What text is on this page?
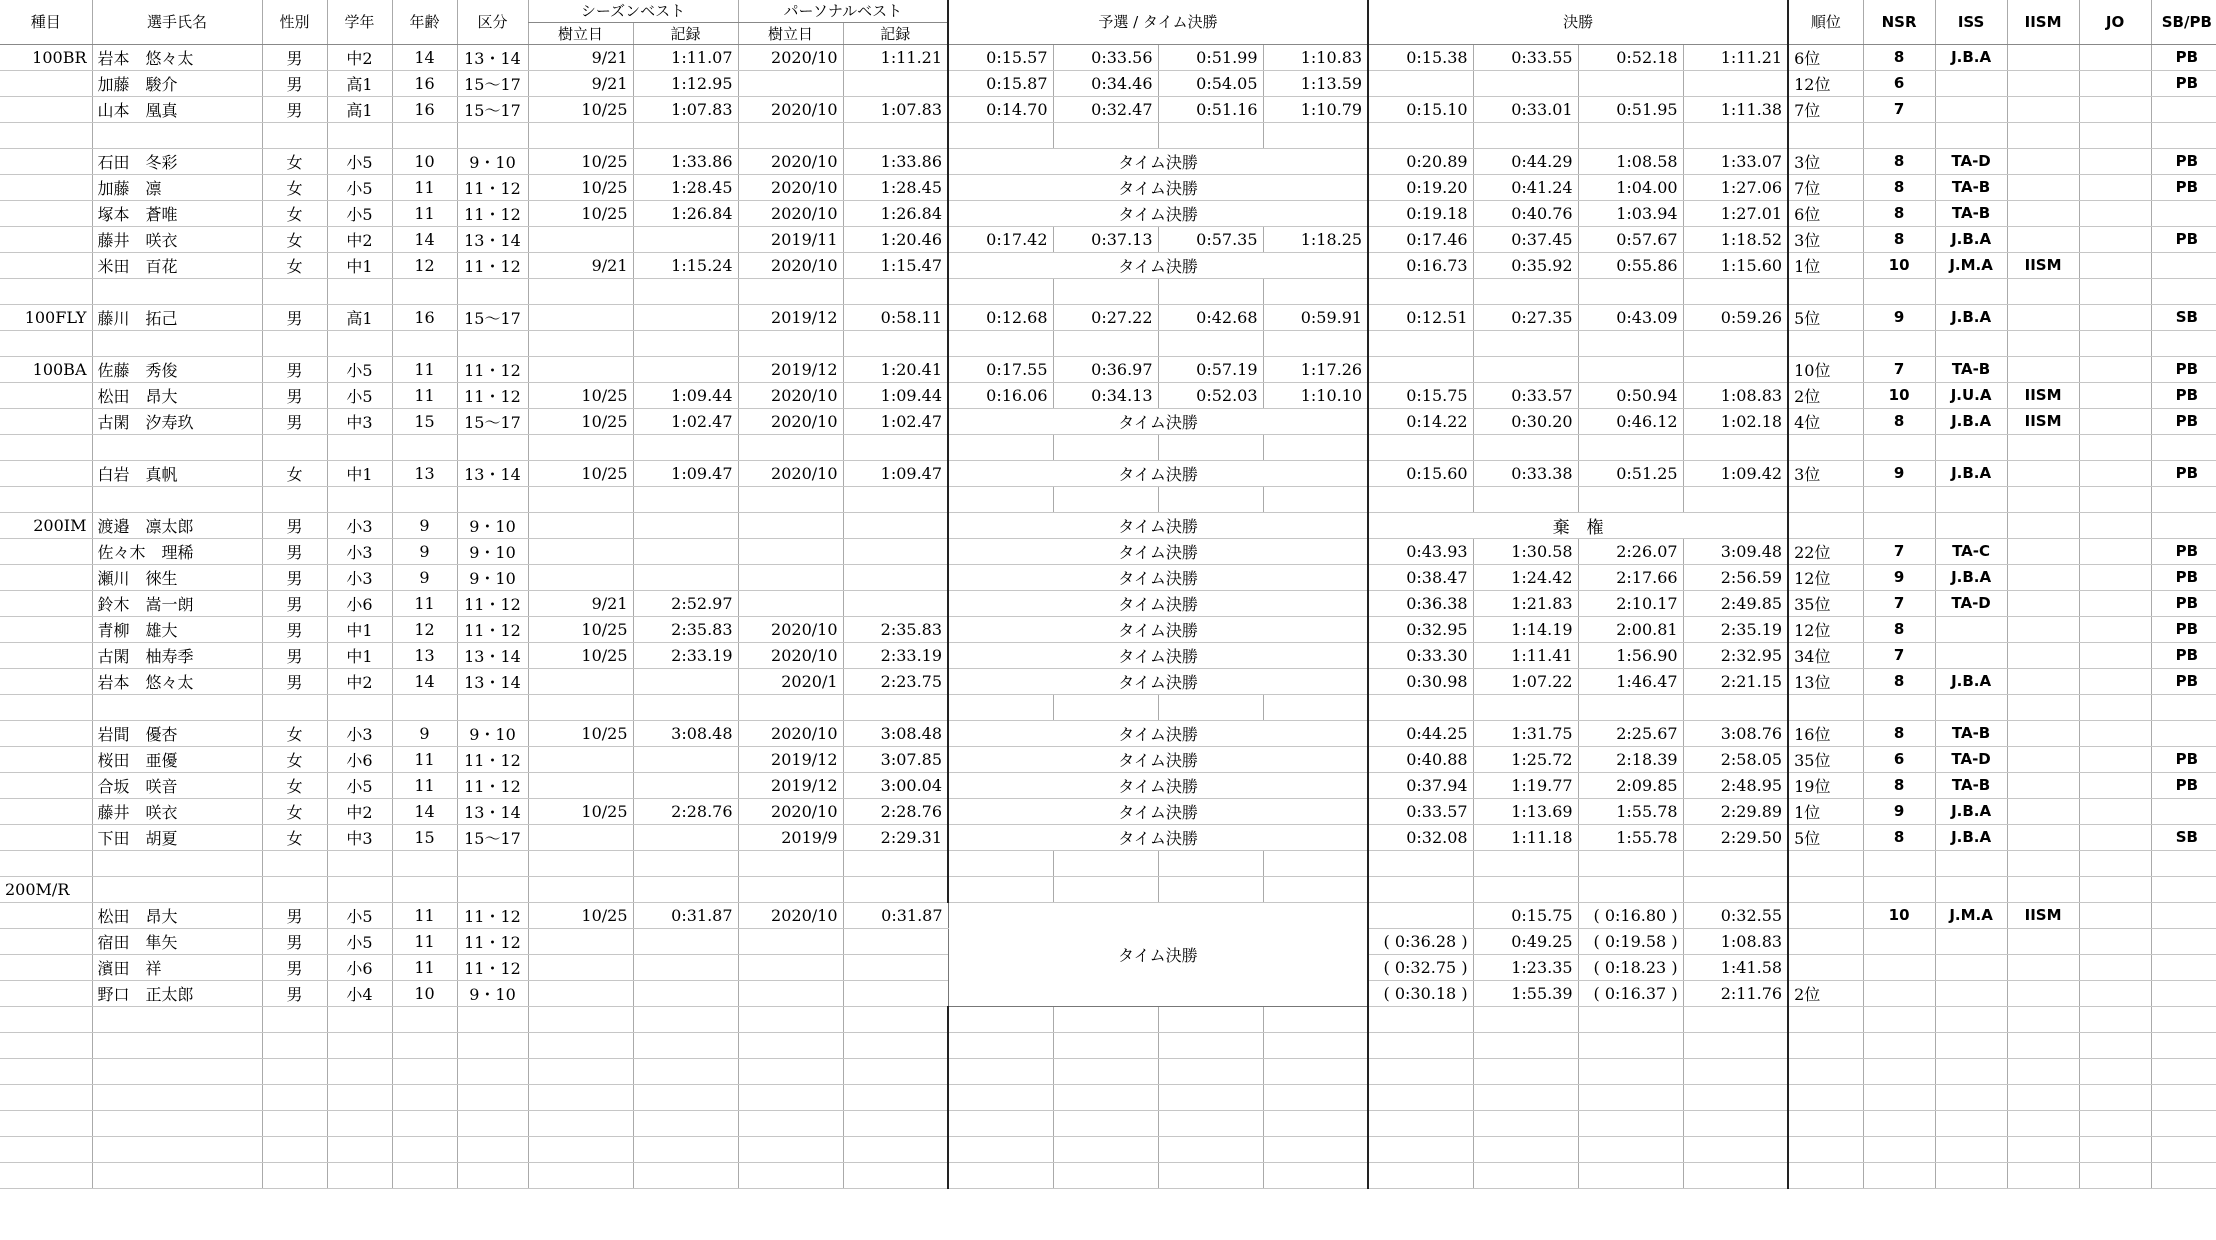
種目	選手氏名	性別	学年	年齢	区分	シーズンベスト		パーソナルベスト		予選 / タイム決勝				決勝				順位	NSR	ISS	IISM	JO	SB/PB
						樹立日	記録	樹立日	記録														
100BR	岩本　悠々太	男	中2	14	13・14	9/21	1:11.07	2020/10	1:11.21	0:15.57	0:33.56	0:51.99	1:10.83	0:15.38	0:33.55	0:52.18	1:11.21	6位	8	J.B.A			PB
	加藤　駿介	男	高1	16	15～17	9/21	1:12.95			0:15.87	0:34.46	0:54.05	1:13.59					12位	6				PB
	山本　凰真	男	高1	16	15～17	10/25	1:07.83	2020/10	1:07.83	0:14.70	0:32.47	0:51.16	1:10.79	0:15.10	0:33.01	0:51.95	1:11.38	7位	7				

	石田　冬彩	女	小5	10	9・10	10/25	1:33.86	2020/10	1:33.86	タイム決勝				0:20.89	0:44.29	1:08.58	1:33.07	3位	8	TA-D			PB
	加藤　凛	女	小5	11	11・12	10/25	1:28.45	2020/10	1:28.45	タイム決勝				0:19.20	0:41.24	1:04.00	1:27.06	7位	8	TA-B			PB
	塚本　蒼唯	女	小5	11	11・12	10/25	1:26.84	2020/10	1:26.84	タイム決勝				0:19.18	0:40.76	1:03.94	1:27.01	6位	8	TA-B			
	藤井　咲衣	女	中2	14	13・14			2019/11	1:20.46	0:17.42	0:37.13	0:57.35	1:18.25	0:17.46	0:37.45	0:57.67	1:18.52	3位	8	J.B.A			PB
	米田　百花	女	中1	12	11・12	9/21	1:15.24	2020/10	1:15.47	タイム決勝				0:16.73	0:35.92	0:55.86	1:15.60	1位	10	J.M.A	IISM		

100FLY	藤川　拓己	男	高1	16	15～17			2019/12	0:58.11	0:12.68	0:27.22	0:42.68	0:59.91	0:12.51	0:27.35	0:43.09	0:59.26	5位	9	J.B.A			SB

100BA	佐藤　秀俊	男	小5	11	11・12			2019/12	1:20.41	0:17.55	0:36.97	0:57.19	1:17.26					10位	7	TA-B			PB
	松田　昂大	男	小5	11	11・12	10/25	1:09.44	2020/10	1:09.44	0:16.06	0:34.13	0:52.03	1:10.10	0:15.75	0:33.57	0:50.94	1:08.83	2位	10	J.U.A	IISM		PB
	古閑　汐寿玖	男	中3	15	15～17	10/25	1:02.47	2020/10	1:02.47	タイム決勝				0:14.22	0:30.20	0:46.12	1:02.18	4位	8	J.B.A	IISM		PB

	白岩　真帆	女	中1	13	13・14	10/25	1:09.47	2020/10	1:09.47	タイム決勝				0:15.60	0:33.38	0:51.25	1:09.42	3位	9	J.B.A			PB

200IM	渡邉　凛太郎	男	小3	9	9・10					タイム決勝				棄　権									
	佐々木　理稀	男	小3	9	9・10					タイム決勝				0:43.93	1:30.58	2:26.07	3:09.48	22位	7	TA-C			PB
	瀬川　徠生	男	小3	9	9・10					タイム決勝				0:38.47	1:24.42	2:17.66	2:56.59	12位	9	J.B.A			PB
	鈴木　嵩一朗	男	小6	11	11・12	9/21	2:52.97			タイム決勝				0:36.38	1:21.83	2:10.17	2:49.85	35位	7	TA-D			PB
	青柳　雄大	男	中1	12	11・12	10/25	2:35.83	2020/10	2:35.83	タイム決勝				0:32.95	1:14.19	2:00.81	2:35.19	12位	8				PB
	古閑　柚寿季	男	中1	13	13・14	10/25	2:33.19	2020/10	2:33.19	タイム決勝				0:33.30	1:11.41	1:56.90	2:32.95	34位	7				PB
	岩本　悠々太	男	中2	14	13・14			2020/1	2:23.75	タイム決勝				0:30.98	1:07.22	1:46.47	2:21.15	13位	8	J.B.A			PB

	岩間　優杏	女	小3	9	9・10	10/25	3:08.48	2020/10	3:08.48	タイム決勝				0:44.25	1:31.75	2:25.67	3:08.76	16位	8	TA-B			
	桜田　亜優	女	小6	11	11・12			2019/12	3:07.85	タイム決勝				0:40.88	1:25.72	2:18.39	2:58.05	35位	6	TA-D			PB
	合坂　咲音	女	小5	11	11・12			2019/12	3:00.04	タイム決勝				0:37.94	1:19.77	2:09.85	2:48.95	19位	8	TA-B			PB
	藤井　咲衣	女	中2	14	13・14	10/25	2:28.76	2020/10	2:28.76	タイム決勝				0:33.57	1:13.69	1:55.78	2:29.89	1位	9	J.B.A			
	下田　胡夏	女	中3	15	15～17			2019/9	2:29.31	タイム決勝				0:32.08	1:11.18	1:55.78	2:29.50	5位	8	J.B.A			SB

200M/R																							
	松田　昂大	男	小5	11	11・12	10/25	0:31.87	2020/10	0:31.87	タイム決勝					0:15.75	( 0:16.80 )	0:32.55		10	J.M.A	IISM		
	宿田　隼矢	男	小5	11	11・12									( 0:36.28 )	0:49.25	( 0:19.58 )	1:08.83						
	濱田　祥	男	小6	11	11・12									( 0:32.75 )	1:23.35	( 0:18.23 )	1:41.58						
	野口　正太郎	男	小4	10	9・10									( 0:30.18 )	1:55.39	( 0:16.37 )	2:11.76	2位					
